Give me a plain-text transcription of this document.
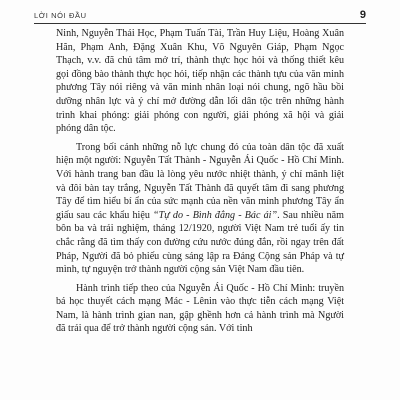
LỜI NÓI ĐẦU	9

Ninh, Nguyễn Thái Học, Phạm Tuấn Tài, Trần Huy Liệu, Hoàng Xuân Hãn, Phạm Anh, Đặng Xuân Khu, Võ Nguyên Giáp, Phạm Ngọc Thạch, v.v. đã chủ tâm mở trí, thành thực học hỏi và thống thiết kêu gọi đồng bào thành thực học hỏi, tiếp nhận các thành tựu của văn minh phương Tây nói riêng và văn minh nhân loại nói chung, ngõ hầu bồi dưỡng nhân lực và ý chí mở đường dẫn lối dân tộc trên những hành trình khai phóng: giải phóng con người, giải phóng xã hội và giải phóng dân tộc.

Trong bối cảnh những nỗ lực chung đó của toàn dân tộc đã xuất hiện một người: Nguyễn Tất Thành - Nguyễn Ái Quốc - Hồ Chí Minh. Với hành trang ban đầu là lòng yêu nước nhiệt thành, ý chí mãnh liệt và đôi bàn tay trắng, Nguyễn Tất Thành đã quyết tâm đi sang phương Tây để tìm hiểu bí ẩn của sức mạnh của nền văn minh phương Tây ẩn giấu sau các khẩu hiệu “Tự do - Bình đẳng - Bác ái”. Sau nhiều năm bôn ba và trải nghiệm, tháng 12/1920, người Việt Nam trẻ tuổi ấy tin chắc rằng đã tìm thấy con đường cứu nước đúng đắn, rồi ngay trên đất Pháp, Người đã bỏ phiếu cùng sáng lập ra Đảng Cộng sản Pháp và tự mình, tự nguyện trở thành người cộng sản Việt Nam đầu tiên.

Hành trình tiếp theo của Nguyễn Ái Quốc - Hồ Chí Minh: truyền bá học thuyết cách mạng Mác - Lênin vào thực tiễn cách mạng Việt Nam, là hành trình gian nan, gập ghềnh hơn cả hành trình mà Người đã trải qua để trở thành người cộng sản. Với tinh
